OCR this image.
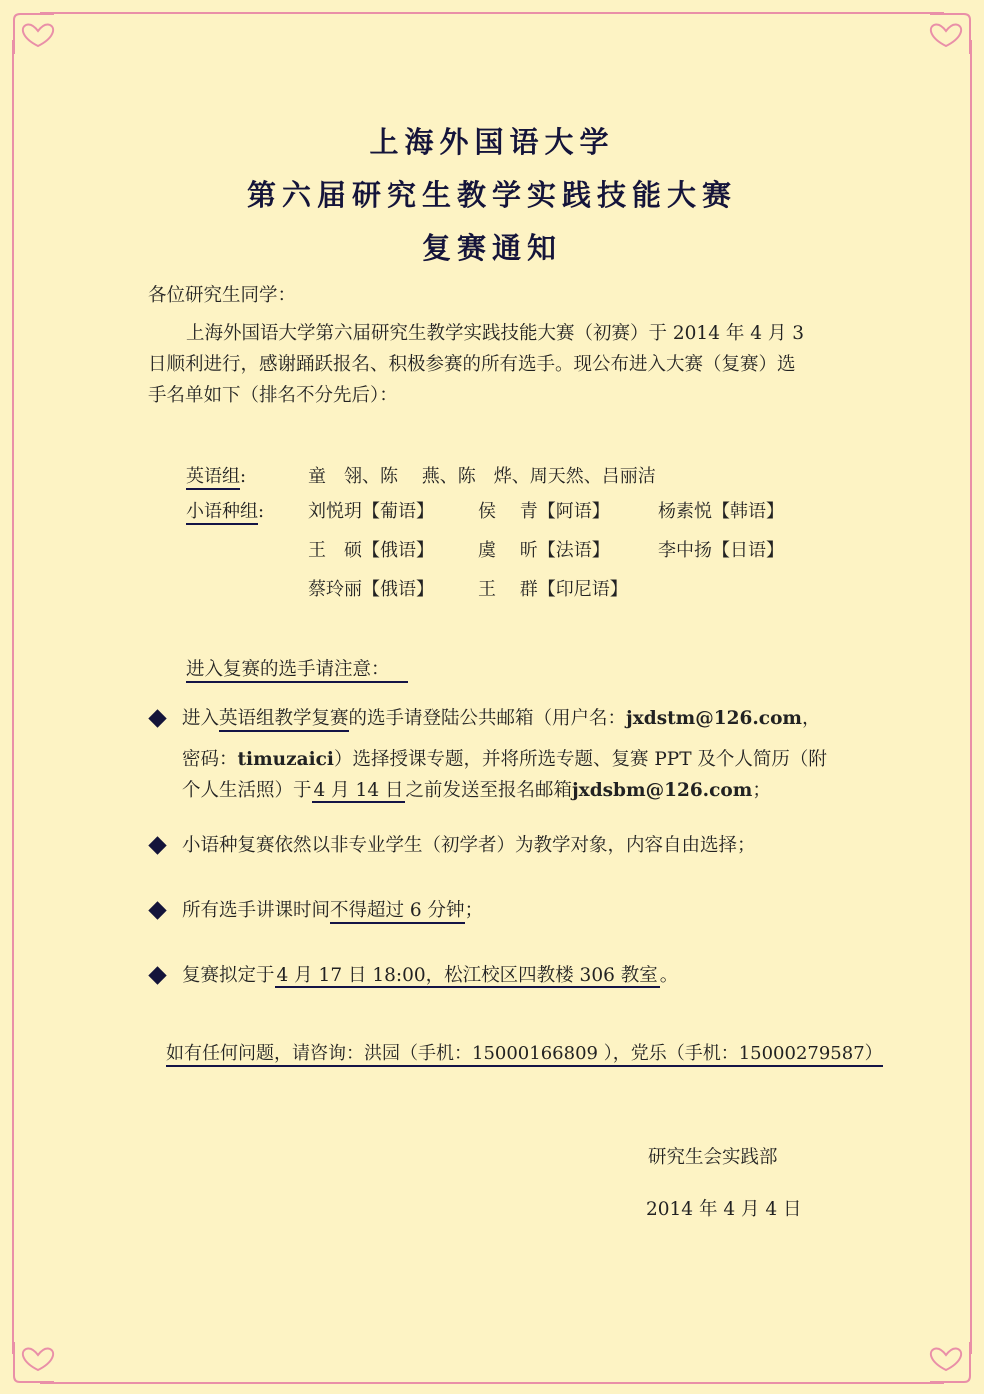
上海外国语大学
第六届研究生教学实践技能大赛
复赛通知
各位研究生同学：
上海外国语大学第六届研究生教学实践技能大赛（初赛）于 2014 年 4 月 3
日顺利进行，感谢踊跃报名、积极参赛的所有选手。现公布进入大赛（复赛）选
手名单如下（排名不分先后）：
英语组:	童　翎、陈　 燕、陈　烨、周天然、吕丽洁
小语种组: 刘悦玥【葡语】 侯　 青【阿语】	杨素悦【韩语】
王　硕【俄语】 虞　 昕【法语】	李中扬【日语】
蔡玲丽【俄语】 王　 群【印尼语】
进入复赛的选手请注意：
进入英语组教学复赛的选手请登陆公共邮箱（用户名：jxdstm@126.com，
密码：timuzaici）选择授课专题，并将所选专题、复赛 PPT 及个人简历（附
个人生活照）于 4 月 14 日 之前发送至报名邮箱jxdsbm@126.com；
小语种复赛依然以非专业学生（初学者）为教学对象，内容自由选择；
所有选手讲课时间不得超过 6 分钟；
复赛拟定于 4 月 17 日 18:00，松江校区四教楼 306 教室 。
如有任何问题，请咨询：洪园（手机：15000166809 ），党乐（手机：15000279587）
研究生会实践部
2014 年 4 月 4 日
